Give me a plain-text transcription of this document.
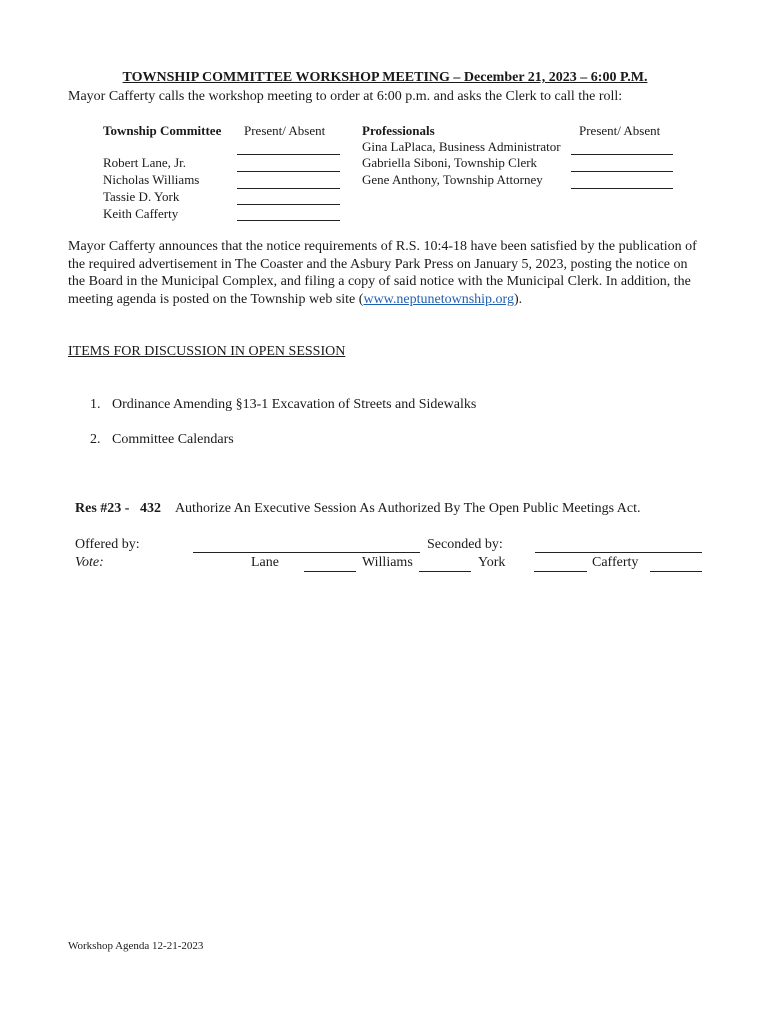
TOWNSHIP COMMITTEE WORKSHOP MEETING – December 21, 2023 – 6:00 P.M.
Mayor Cafferty calls the workshop meeting to order at 6:00 p.m. and asks the Clerk to call the roll:
Township Committee Present/ Absent	Professionals	Present/ Absent
Robert Lane, Jr.
Nicholas Williams
Tassie D. York
Keith Cafferty
Gina LaPlaca, Business Administrator
Gabriella Siboni, Township Clerk
Gene Anthony, Township Attorney
Mayor Cafferty announces that the notice requirements of R.S. 10:4-18 have been satisfied by the publication of the required advertisement in The Coaster and the Asbury Park Press on January 5, 2023, posting the notice on the Board in the Municipal Complex, and filing a copy of said notice with the Municipal Clerk. In addition, the meeting agenda is posted on the Township web site (www.neptunetownship.org).
ITEMS FOR DISCUSSION IN OPEN SESSION
1. Ordinance Amending §13-1 Excavation of Streets and Sidewalks
2. Committee Calendars
Res #23 - 432 Authorize An Executive Session As Authorized By The Open Public Meetings Act.
Offered by:	Seconded by:
Vote:	Lane	Williams	York	Cafferty
Workshop Agenda 12-21-2023
